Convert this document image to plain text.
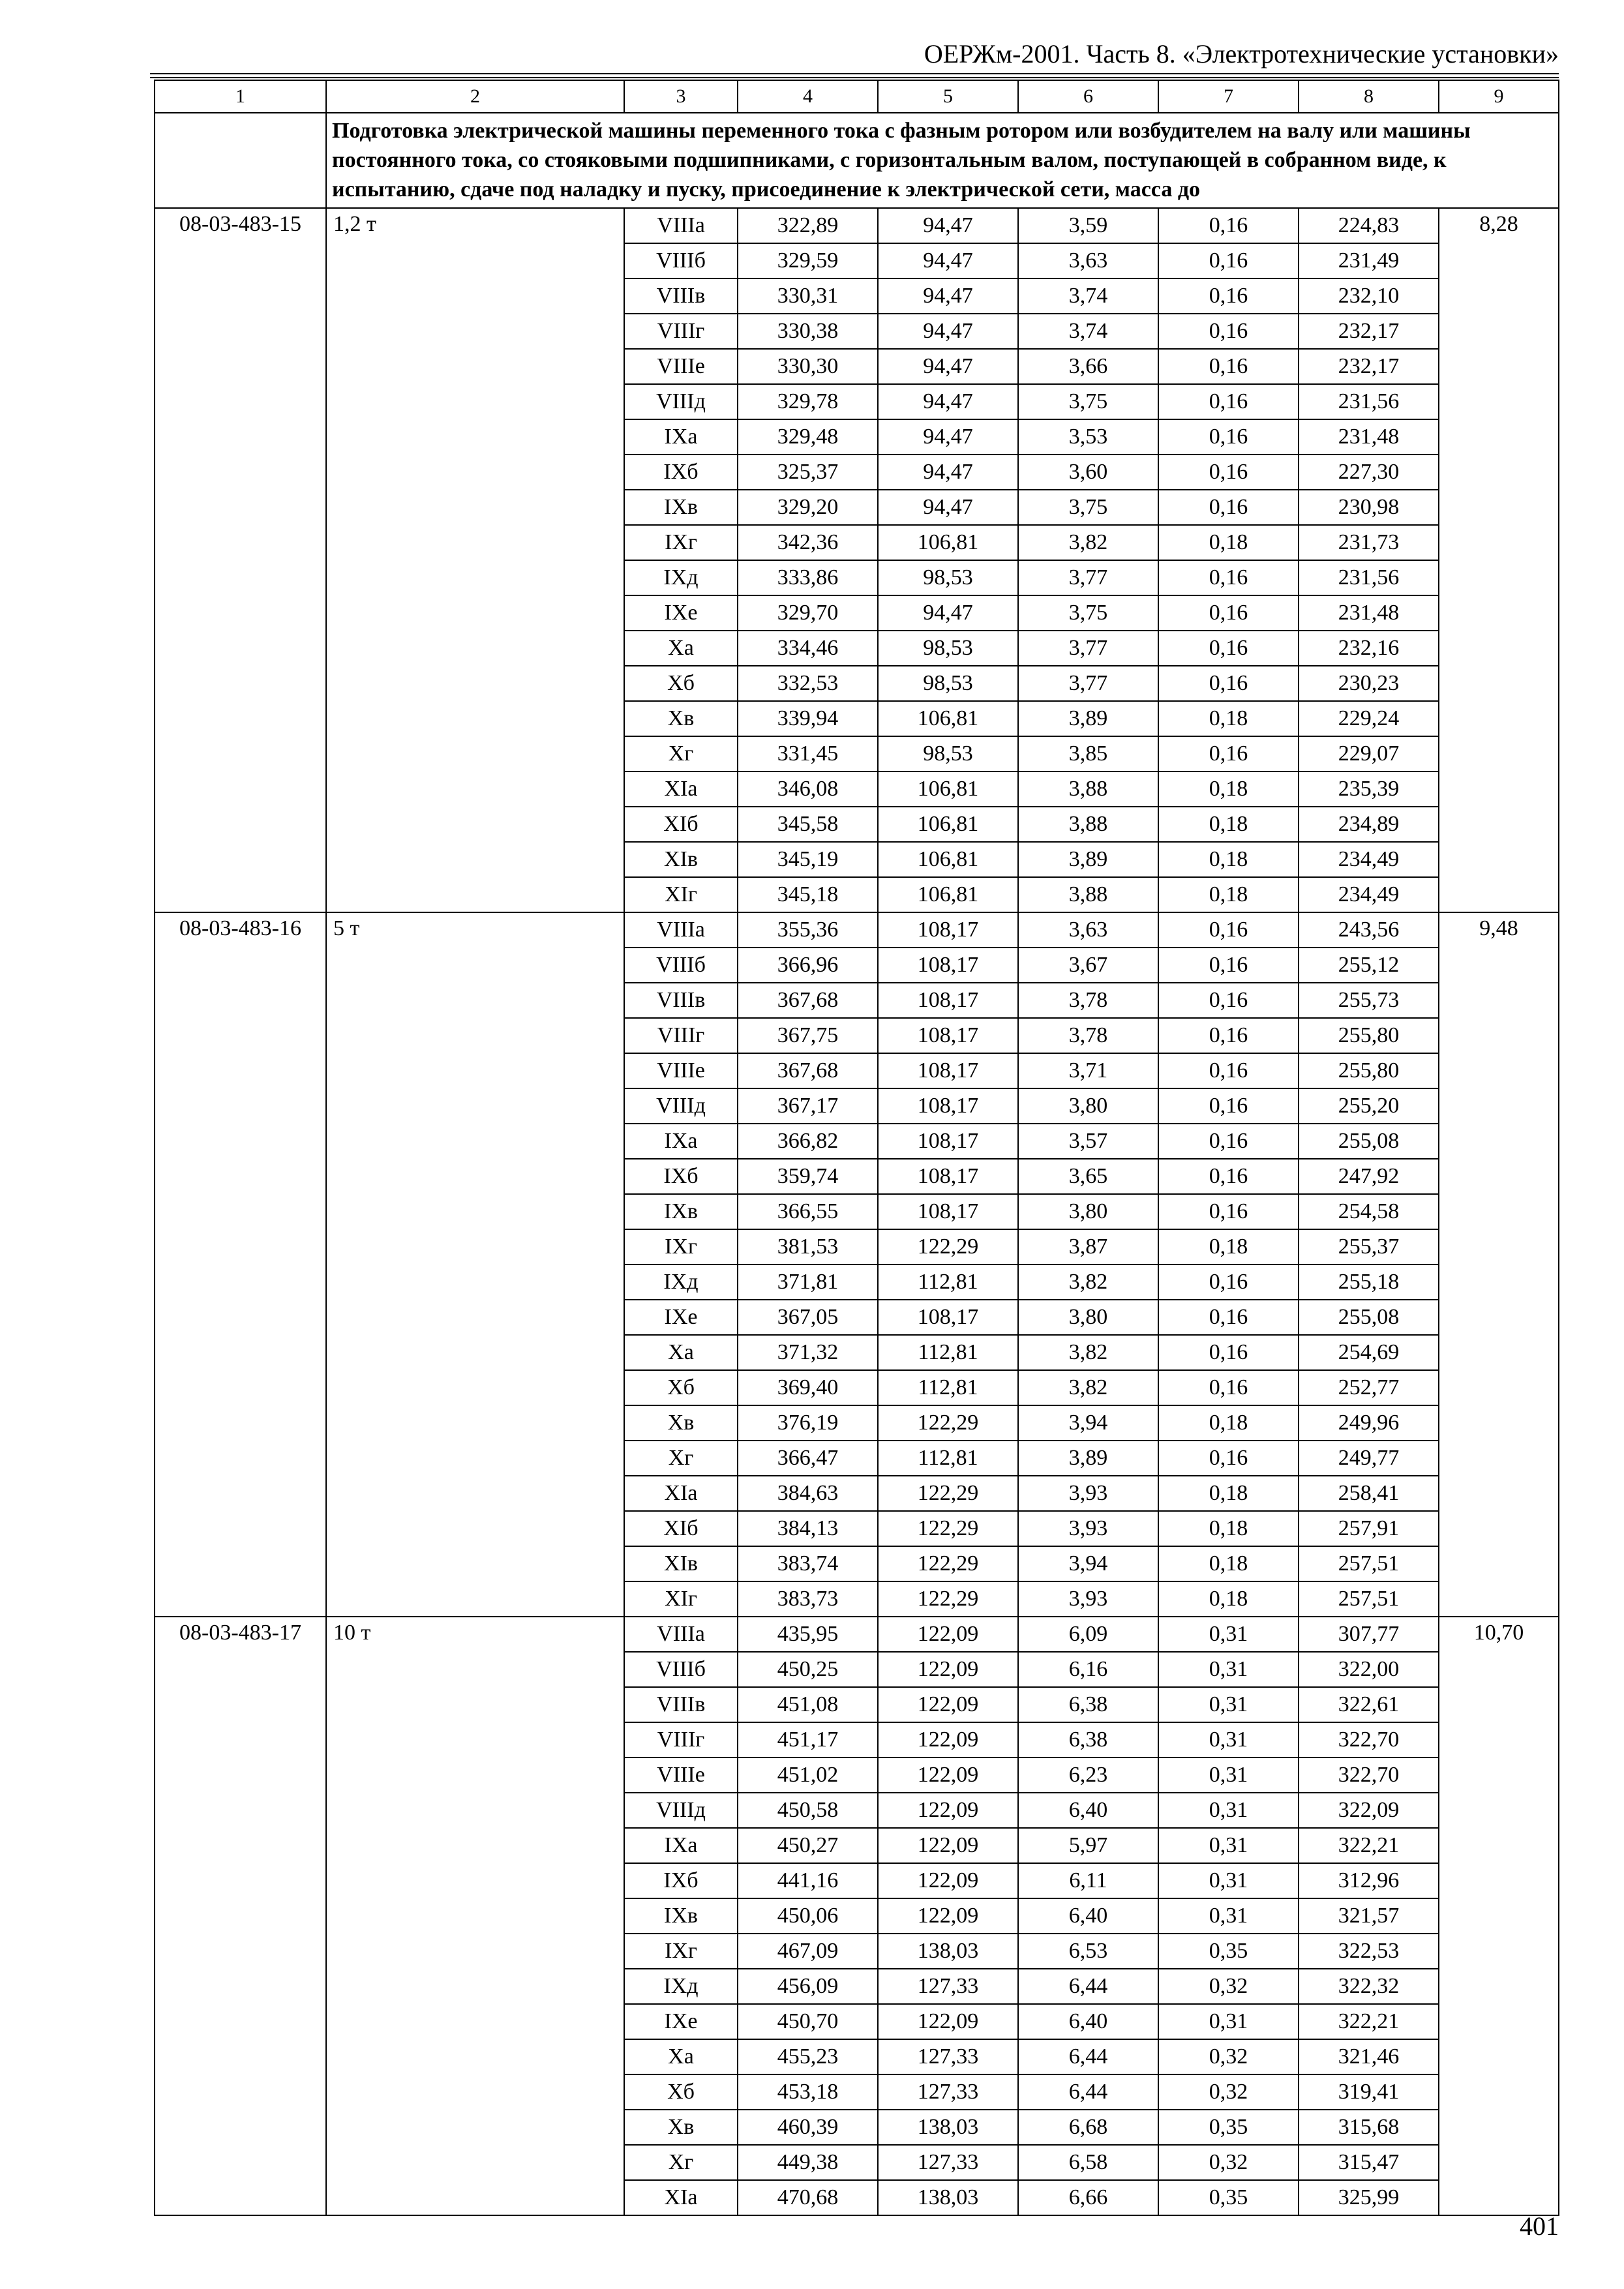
ОЕРЖм-2001. Часть 8. «Электротехнические установки»
1	2	3	4	5	6	7	8	9
	Подготовка электрической машины переменного тока с фазным ротором или возбудителем на валу или машины постоянного тока, со стояковыми подшипниками, с горизонтальным валом, поступающей в собранном виде, к испытанию, сдаче под наладку и пуску, присоединение к электрической сети, масса до							
08-03-483-15	1,2 т	VIIIа	322,89	94,47	3,59	0,16	224,83	8,28
		VIIIб	329,59	94,47	3,63	0,16	231,49	
		VIIIв	330,31	94,47	3,74	0,16	232,10	
		VIIIг	330,38	94,47	3,74	0,16	232,17	
		VIIIе	330,30	94,47	3,66	0,16	232,17	
		VIIIд	329,78	94,47	3,75	0,16	231,56	
		IXа	329,48	94,47	3,53	0,16	231,48	
		IXб	325,37	94,47	3,60	0,16	227,30	
		IXв	329,20	94,47	3,75	0,16	230,98	
		IXг	342,36	106,81	3,82	0,18	231,73	
		IXд	333,86	98,53	3,77	0,16	231,56	
		IXе	329,70	94,47	3,75	0,16	231,48	
		Xа	334,46	98,53	3,77	0,16	232,16	
		Xб	332,53	98,53	3,77	0,16	230,23	
		Xв	339,94	106,81	3,89	0,18	229,24	
		Xг	331,45	98,53	3,85	0,16	229,07	
		XIа	346,08	106,81	3,88	0,18	235,39	
		XIб	345,58	106,81	3,88	0,18	234,89	
		XIв	345,19	106,81	3,89	0,18	234,49	
		XIг	345,18	106,81	3,88	0,18	234,49	
08-03-483-16	5 т	VIIIа	355,36	108,17	3,63	0,16	243,56	9,48
		VIIIб	366,96	108,17	3,67	0,16	255,12	
		VIIIв	367,68	108,17	3,78	0,16	255,73	
		VIIIг	367,75	108,17	3,78	0,16	255,80	
		VIIIе	367,68	108,17	3,71	0,16	255,80	
		VIIIд	367,17	108,17	3,80	0,16	255,20	
		IXа	366,82	108,17	3,57	0,16	255,08	
		IXб	359,74	108,17	3,65	0,16	247,92	
		IXв	366,55	108,17	3,80	0,16	254,58	
		IXг	381,53	122,29	3,87	0,18	255,37	
		IXд	371,81	112,81	3,82	0,16	255,18	
		IXе	367,05	108,17	3,80	0,16	255,08	
		Xа	371,32	112,81	3,82	0,16	254,69	
		Xб	369,40	112,81	3,82	0,16	252,77	
		Xв	376,19	122,29	3,94	0,18	249,96	
		Xг	366,47	112,81	3,89	0,16	249,77	
		XIа	384,63	122,29	3,93	0,18	258,41	
		XIб	384,13	122,29	3,93	0,18	257,91	
		XIв	383,74	122,29	3,94	0,18	257,51	
		XIг	383,73	122,29	3,93	0,18	257,51	
08-03-483-17	10 т	VIIIа	435,95	122,09	6,09	0,31	307,77	10,70
		VIIIб	450,25	122,09	6,16	0,31	322,00	
		VIIIв	451,08	122,09	6,38	0,31	322,61	
		VIIIг	451,17	122,09	6,38	0,31	322,70	
		VIIIе	451,02	122,09	6,23	0,31	322,70	
		VIIIд	450,58	122,09	6,40	0,31	322,09	
		IXа	450,27	122,09	5,97	0,31	322,21	
		IXб	441,16	122,09	6,11	0,31	312,96	
		IXв	450,06	122,09	6,40	0,31	321,57	
		IXг	467,09	138,03	6,53	0,35	322,53	
		IXд	456,09	127,33	6,44	0,32	322,32	
		IXе	450,70	122,09	6,40	0,31	322,21	
		Xа	455,23	127,33	6,44	0,32	321,46	
		Xб	453,18	127,33	6,44	0,32	319,41	
		Xв	460,39	138,03	6,68	0,35	315,68	
		Xг	449,38	127,33	6,58	0,32	315,47	
		XIа	470,68	138,03	6,66	0,35	325,99	
401
